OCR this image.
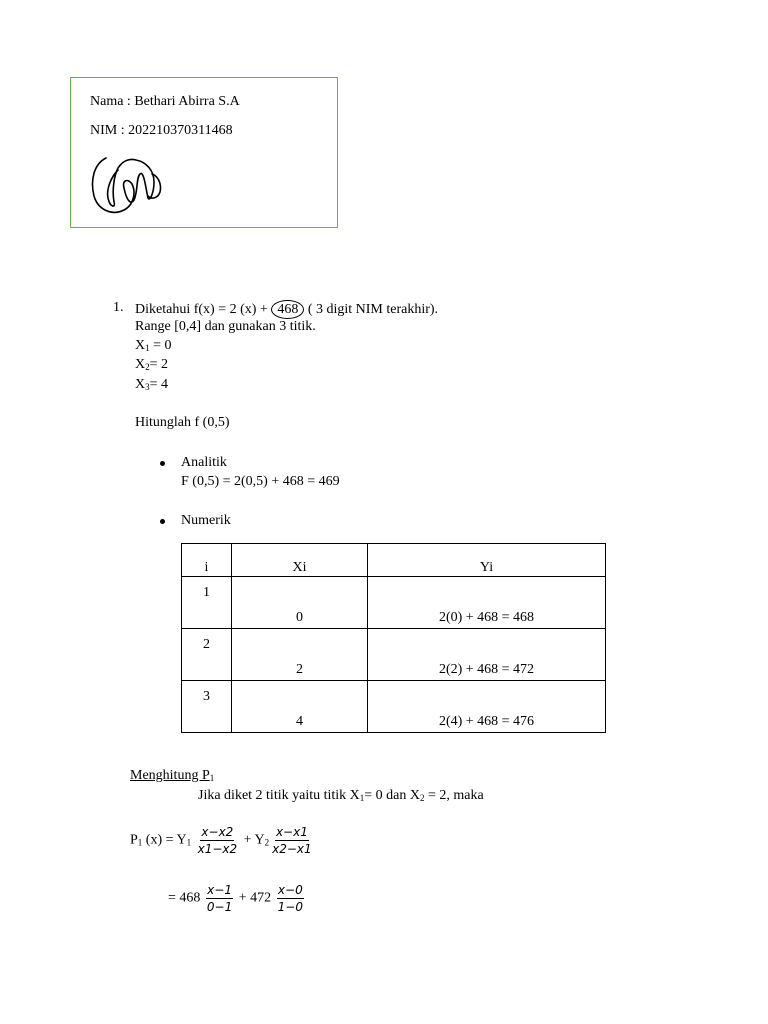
Nama : Bethari Abirra S.A
NIM : 202210370311468
1. Diketahui f(x) = 2 (x) + 468 ( 3 digit NIM terakhir).
Range [0,4] dan gunakan 3 titik.
$X_1 = 0$
$X_2= 2$
$X_3= 4$
Hitunglah f (0,5)
Analitik
F (0,5) = 2(0,5) + 468 = 469
Numerik
i	Xi	Yi

1	0	2(0) + 468 = 468

2	2	2(2) + 468 = 472

3	4	2(4) + 468 = 476
Menghitung $P_1$
Jika diket 2 titik yaitu titik $X_1= 0$ dan $X_2 = 2$, maka
$P_1$ $(x) = Y_1 \frac{x-x2}{x1-x2} + Y_2 \frac{x-x1}{x2-x1}$
= $468 \frac{x-1}{0-1} + 472 \frac{x-0}{1-0}$
